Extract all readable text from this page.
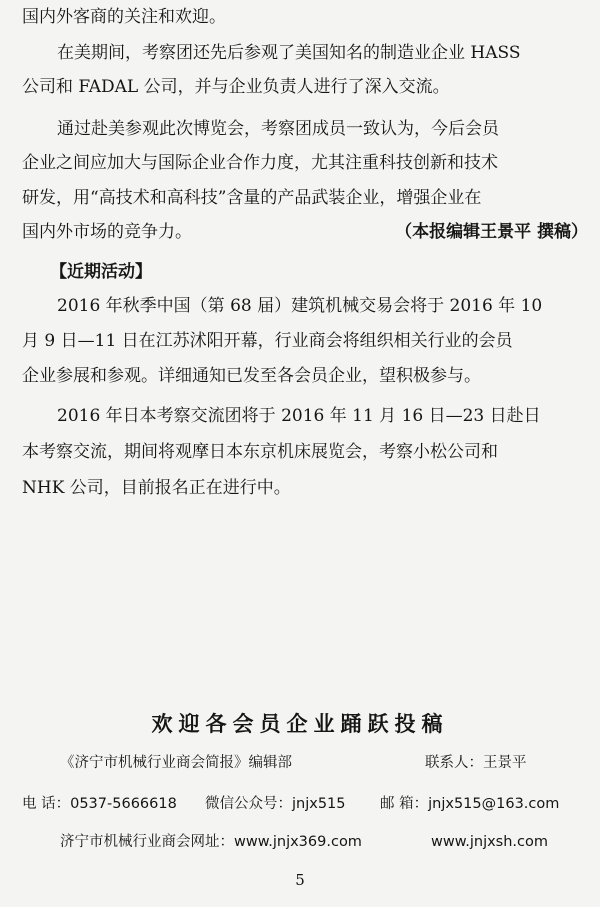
国内外客商的关注和欢迎。
在美期间，考察团还先后参观了美国知名的制造业企业 HASS
公司和 FADAL 公司，并与企业负责人进行了深入交流。
通过赴美参观此次博览会，考察团成员一致认为，今后会员
企业之间应加大与国际企业合作力度，尤其注重科技创新和技术
研发，用“高技术和高科技”含量的产品武装企业，增强企业在
国内外市场的竞争力。	（本报编辑王景平 撰稿）
【近期活动】
2016 年秋季中国（第 68 届）建筑机械交易会将于 2016 年 10
月 9 日—11 日在江苏沭阳开幕，行业商会将组织相关行业的会员
企业参展和参观。详细通知已发至各会员企业，望积极参与。
2016 年日本考察交流团将于 2016 年 11 月 16 日—23 日赴日
本考察交流，期间将观摩日本东京机床展览会，考察小松公司和
NHK 公司，目前报名正在进行中。
欢迎各会员企业踊跃投稿
《济宁市机械行业商会简报》编辑部	联系人：王景平
电 话：0537-5666618 微信公众号：jnjx515 邮 箱：jnjx515@163.com
济宁市机械行业商会网址：www.jnjx369.com	www.jnjxsh.com
5
